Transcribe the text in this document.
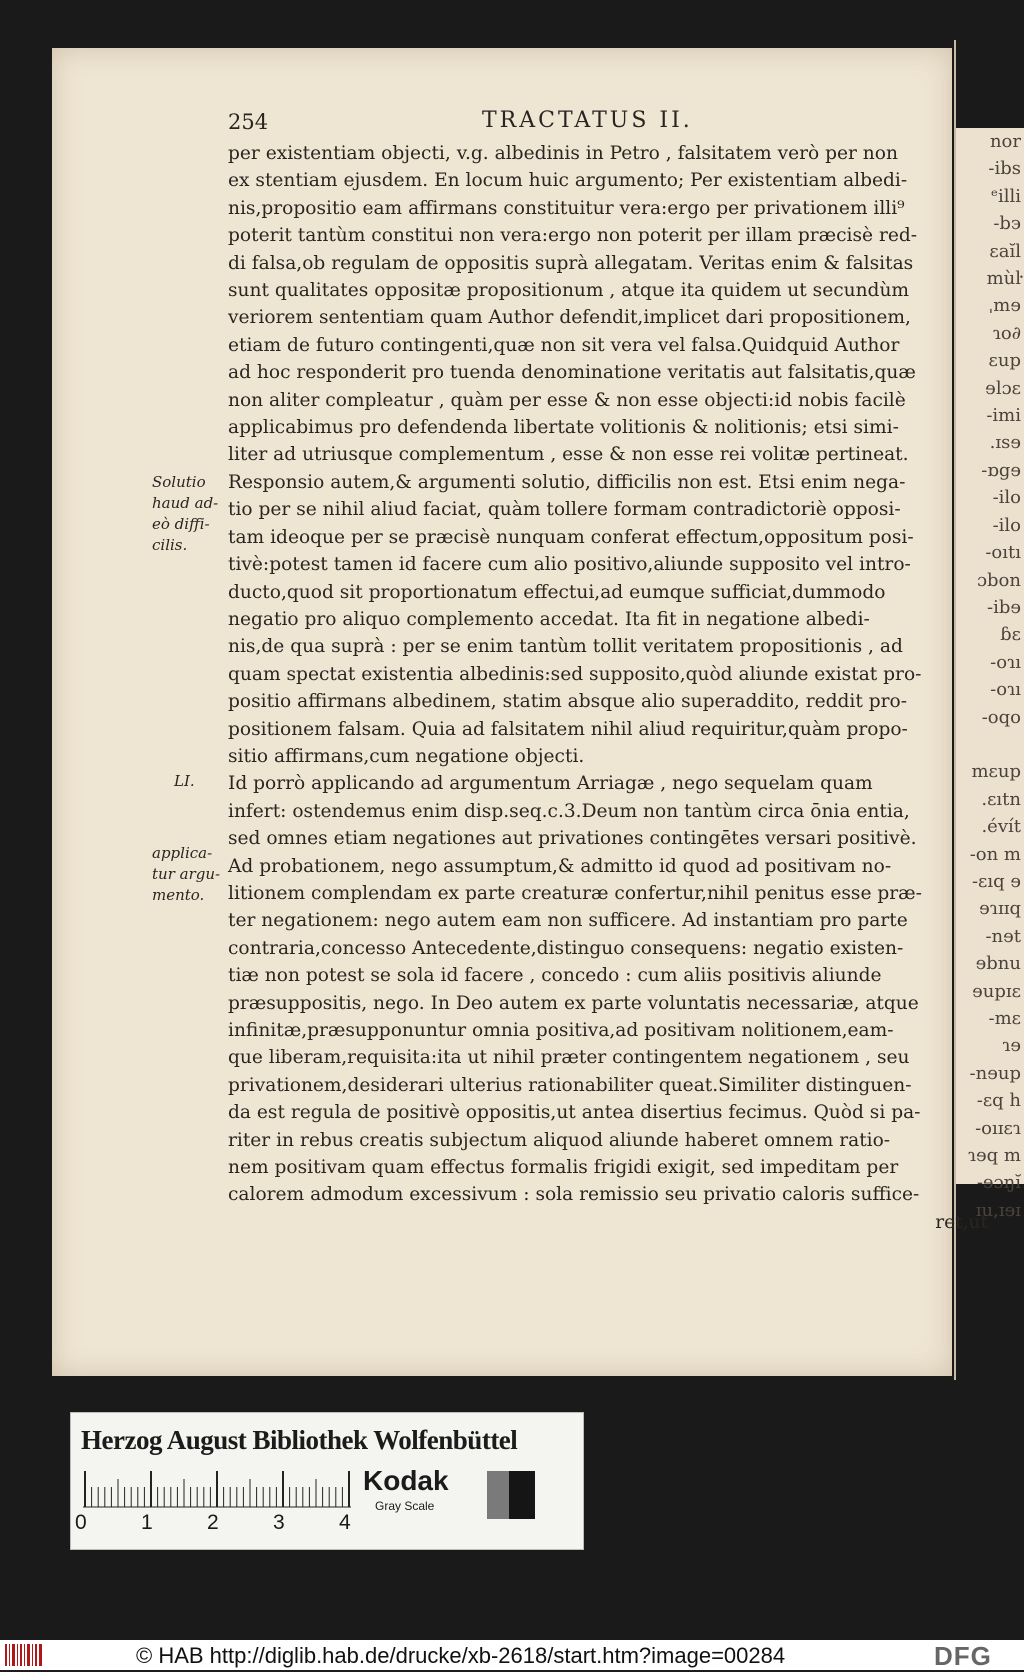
nor
-ibs
ᵉilli
-bэ
ɛaĭl
mùŀ
ˌmɘ
ɿo∂
ɛup
ɘlɔɛ
-imi
.ɪsɘ
-ɒgɘ
-ilo
-ilo
-oıtı
ɔbon
-ibɘ
ɓɛ
-oɿı
-oɿı
-oqo

mɛup
.ɛıtn
.évít
-on m
-ɛıq ɘ
ɘɿɪɪq
-nɘt
ɘbnu
ɘupɪɛ
-mɛ
ɿɘ
-nɘup
-ɛq h
-oıɪɛɿ
ɿɘq m
-ɘɔŋĭ
ɪu,ɪɘɪ
254	TRACTATUS II.
per existentiam objecti, v.g. albedinis in Petro , falsitatem verò per non
ex stentiam ejusdem. En locum huic argumento; Per existentiam albedi-
nis,propositio eam affirmans constituitur vera:ergo per privationem illi⁹
poterit tantùm constitui non vera:ergo non poterit per illam præcisè red-
di falsa,ob regulam de oppositis suprà allegatam. Veritas enim & falsitas
sunt qualitates oppositæ propositionum , atque ita quidem ut secundùm
veriorem sententiam quam Author defendit,implicet dari propositionem,
etiam de futuro contingenti,quæ non sit vera vel falsa.Quidquid Author
ad hoc responderit pro tuenda denominatione veritatis aut falsitatis,quæ
non aliter compleatur , quàm per esse & non esse objecti:id nobis facilè
applicabimus pro defendenda libertate volitionis & nolitionis; etsi simi-
liter ad utriusque complementum , esse & non esse rei volitæ pertineat.
Responsio autem,& argumenti solutio, difficilis non est. Etsi enim nega-
tio per se nihil aliud faciat, quàm tollere formam contradictoriè opposi-
tam ideoque per se præcisè nunquam conferat effectum,oppositum posi-
tivè:potest tamen id facere cum alio positivo,aliunde supposito vel intro-
ducto,quod sit proportionatum effectui,ad eumque sufficiat,dummodo
negatio pro aliquo complemento accedat. Ita fit in negatione albedi-
nis,de qua suprà : per se enim tantùm tollit veritatem propositionis , ad
quam spectat existentia albedinis:sed supposito,quòd aliunde existat pro-
positio affirmans albedinem, statim absque alio superaddito, reddit pro-
positionem falsam. Quia ad falsitatem nihil aliud requiritur,quàm propo-
sitio affirmans,cum negatione objecti.
Id porrò applicando ad argumentum Arriagæ , nego sequelam quam
infert: ostendemus enim disp.seq.c.3.Deum non tantùm circa ōnia entia,
sed omnes etiam negationes aut privationes contingētes versari positivè.
Ad probationem, nego assumptum,& admitto id quod ad positivam no-
litionem complendam ex parte creaturæ confertur,nihil penitus esse præ-
ter negationem: nego autem eam non sufficere. Ad instantiam pro parte
contraria,concesso Antecedente,distinguo consequens: negatio existen-
tiæ non potest se sola id facere , concedo : cum aliis positivis aliunde
præsuppositis, nego. In Deo autem ex parte voluntatis necessariæ, atque
infinitæ,præsupponuntur omnia positiva,ad positivam nolitionem,eam-
que liberam,requisita:ita ut nihil præter contingentem negationem , seu
privationem,desiderari ulterius rationabiliter queat.Similiter distinguen-
da est regula de positivè oppositis,ut antea disertius fecimus. Quòd si pa-
riter in rebus creatis subjectum aliquod aliunde haberet omnem ratio-
nem positivam quam effectus formalis frigidi exigit, sed impeditam per
calorem admodum excessivum : sola remissio seu privatio caloris suffice-
ret,ut
Solutio
haud ad-
eò diffi-
cilis.
LI.
applica-
tur argu-
mento.
Herzog August Bibliothek Wolfenbüttel
0	1	2	3	4
Kodak
Gray Scale
© HAB http://diglib.hab.de/drucke/xb-2618/start.htm?image=00284	DFG
